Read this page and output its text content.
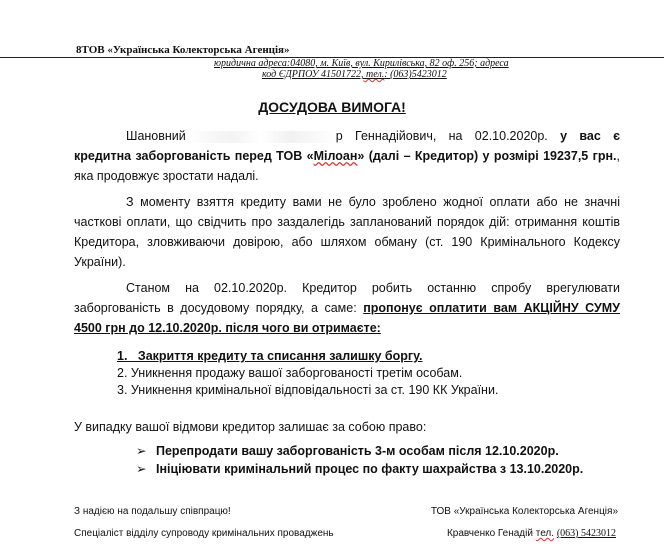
8ТОВ «Українська Колекторська Агенція»
юридична адреса:04080, м. Київ, вул. Кирилівська, 82 оф. 256; адреса
код ЄДРПОУ 41501722, тел.: (063)5423012
ДОСУДОВА ВИМОГА!
Шановний	р Геннадійович, на 02.10.2020р. у вас є кредитна заборгованість перед ТОВ «Мілоан» (далі – Кредитор) у розмірі 19237,5 грн., яка продовжує зростати надалі.
З моменту взяття кредиту вами не було зроблено жодної оплати або не значні часткові оплати, що свідчить про заздалегідь запланований порядок дій: отримання коштів Кредитора, зловживаючи довірою, або шляхом обману (ст. 190 Кримінального Кодексу України).
Станом на 02.10.2020р. Кредитор робить останню спробу врегулювати заборгованість в досудовому порядку, а саме: пропонує оплатити вам АКЦІЙНУ СУМУ 4500 грн до 12.10.2020р. після чого ви отримаєте:
1. Закриття кредиту та списання залишку боргу.
2. Уникнення продажу вашої заборгованості третім особам.
3. Уникнення кримінальної відповідальності за ст. 190 КК України.
У випадку вашої відмови кредитор залишає за собою право:
➢ Перепродати вашу заборгованість 3-м особам після 12.10.2020р.
➢ Ініціювати кримінальний процес по факту шахрайства з 13.10.2020р.
З надією на подальшу співпрацю!
Спеціаліст відділу супроводу кримінальних проваджень
ТОВ «Українська Колекторська Агенція»
Кравченко Генадій тел. (063) 5423012
